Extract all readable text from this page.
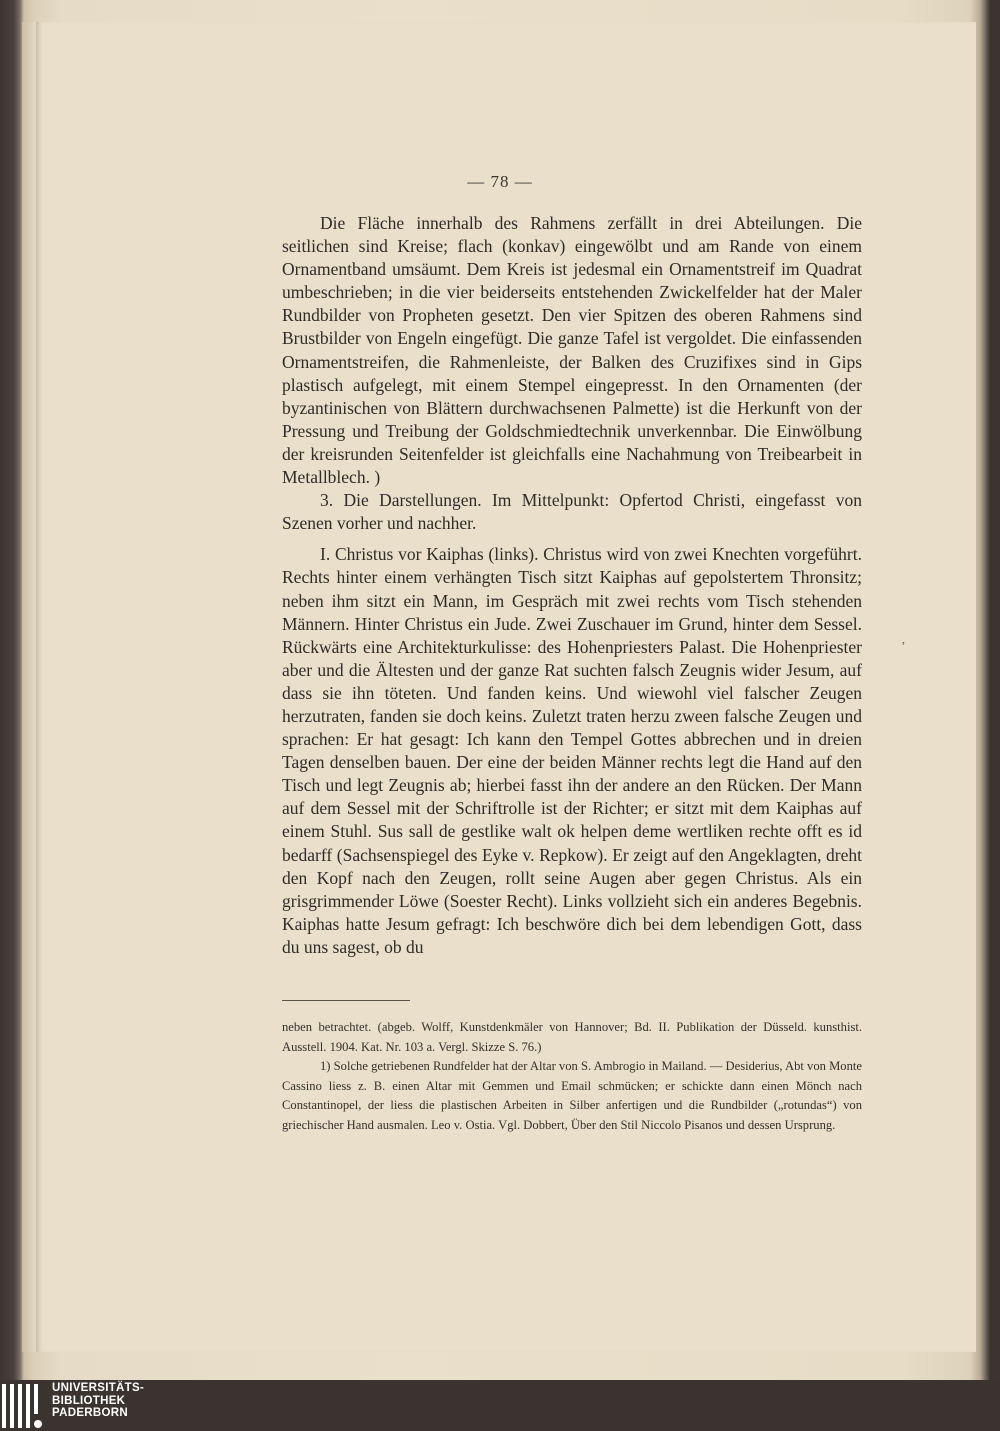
— 78 —

Die Fläche innerhalb des Rahmens zerfällt in drei Abteilungen. Die seitlichen sind Kreise; flach (konkav) eingewölbt und am Rande von einem Ornamentband umsäumt. Dem Kreis ist jedesmal ein Ornamentstreif im Quadrat umbeschrieben; in die vier beiderseits entstehenden Zwickelfelder hat der Maler Rundbilder von Propheten gesetzt. Den vier Spitzen des oberen Rahmens sind Brustbilder von Engeln eingefügt. Die ganze Tafel ist vergoldet. Die einfassenden Ornamentstreifen, die Rahmenleiste, der Balken des Cruzifixes sind in Gips plastisch aufgelegt, mit einem Stempel eingepresst. In den Ornamenten (der byzantinischen von Blättern durchwachsenen Palmette) ist die Herkunft von der Pressung und Treibung der Goldschmiedtechnik unverkennbar. Die Einwölbung der kreisrunden Seitenfelder ist gleichfalls eine Nachahmung von Treibearbeit in Metallblech. )

3. Die Darstellungen. Im Mittelpunkt: Opfertod Christi, eingefasst von Szenen vorher und nachher.

I. Christus vor Kaiphas (links). Christus wird von zwei Knechten vorgeführt. Rechts hinter einem verhängten Tisch sitzt Kaiphas auf gepolstertem Thronsitz; neben ihm sitzt ein Mann, im Gespräch mit zwei rechts vom Tisch stehenden Männern. Hinter Christus ein Jude. Zwei Zuschauer im Grund, hinter dem Sessel. Rückwärts eine Architekturkulisse: des Hohenpriesters Palast. Die Hohenpriester aber und die Ältesten und der ganze Rat suchten falsch Zeugnis wider Jesum, auf dass sie ihn töteten. Und fanden keins. Und wiewohl viel falscher Zeugen herzutraten, fanden sie doch keins. Zuletzt traten herzu zween falsche Zeugen und sprachen: Er hat gesagt: Ich kann den Tempel Gottes abbrechen und in dreien Tagen denselben bauen. Der eine der beiden Männer rechts legt die Hand auf den Tisch und legt Zeugnis ab; hierbei fasst ihn der andere an den Rücken. Der Mann auf dem Sessel mit der Schriftrolle ist der Richter; er sitzt mit dem Kaiphas auf einem Stuhl. Sus sall de gestlike walt ok helpen deme wertliken rechte offt es id bedarff (Sachsenspiegel des Eyke v. Repkow). Er zeigt auf den Angeklagten, dreht den Kopf nach den Zeugen, rollt seine Augen aber gegen Christus. Als ein grisgrimmender Löwe (Soester Recht). Links vollzieht sich ein anderes Begebnis. Kaiphas hatte Jesum gefragt: Ich beschwöre dich bei dem lebendigen Gott, dass du uns sagest, ob du

,

neben betrachtet. (abgeb. Wolff, Kunstdenkmäler von Hannover; Bd. II. Publikation der Düsseld. kunsthist. Ausstell. 1904. Kat. Nr. 103 a. Vergl. Skizze S. 76.)

1) Solche getriebenen Rundfelder hat der Altar von S. Ambrogio in Mailand. — Desiderius, Abt von Monte Cassino liess z. B. einen Altar mit Gemmen und Email schmücken; er schickte dann einen Mönch nach Constantinopel, der liess die plastischen Arbeiten in Silber anfertigen und die Rundbilder („rotundas“) von griechischer Hand ausmalen. Leo v. Ostia. Vgl. Dobbert, Über den Stil Niccolo Pisanos und dessen Ursprung.

UNIVERSITÄTS-
BIBLIOTHEK
PADERBORN
